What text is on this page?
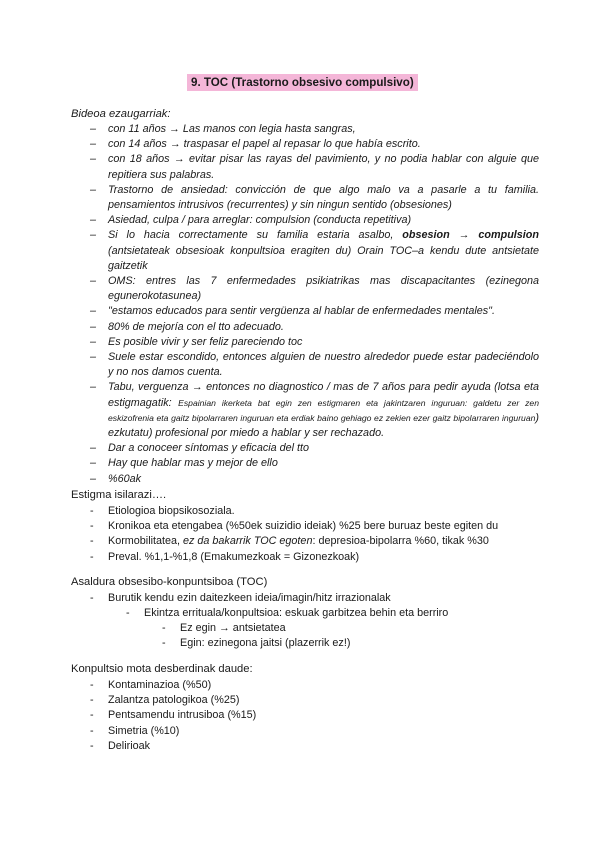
9. TOC (Trastorno obsesivo compulsivo)
Bideoa ezaugarriak:
– con 11 años → Las manos con legia hasta sangras,
– con 14 años → traspasar el papel al repasar lo que había escrito.
– con 18 años → evitar pisar las rayas del pavimiento, y no podia hablar con alguie que repitiera sus palabras.
– Trastorno de ansiedad: convicción de que algo malo va a pasarle a tu familia. pensamientos intrusivos (recurrentes) y sin ningun sentido (obsesiones)
– Asiedad, culpa / para arreglar: compulsion (conducta repetitiva)
– Si lo hacia correctamente su familia estaria asalbo, obsesion → compulsion (antsietateak obsesioak konpultsioa eragiten du) Orain TOC–a kendu dute antsietate gaitzetik
– OMS: entres las 7 enfermedades psikiatrikas mas discapacitantes (ezinegona egunerokotasunea)
– "estamos educados para sentir vergüenza al hablar de enfermedades mentales".
– 80% de mejoría con el tto adecuado.
– Es posible vivir y ser feliz pareciendo toc
– Suele estar escondido, entonces alguien de nuestro alrededor puede estar padeciéndolo y no nos damos cuenta.
– Tabu, verguenza → entonces no diagnostico / mas de 7 años para pedir ayuda (lotsa eta estigmagatik: Espainian ikerketa bat egin zen estigmaren eta jakintzaren inguruan: galdetu zer zen eskizofrenia eta gaitz bipolarraren inguruan eta erdiak baino gehiago ez zekien ezer gaitz bipolarraren inguruan) ezkutatu) profesional por miedo a hablar y ser rechazado.
– Dar a conoceer síntomas y eficacia del tto
– Hay que hablar mas y mejor de ello
– %60ak
Estigma isilarazi….
- Etiologioa biopsikosoziala.
- Kronikoa eta etengabea (%50ek suizidio ideiak) %25 bere buruaz beste egiten du
- Kormobilitatea, ez da bakarrik TOC egoten: depresioa-bipolarra %60, tikak %30
- Preval. %1,1-%1,8 (Emakumezkoak = Gizonezkoak)
Asaldura obsesibo-konpuntsiboa (TOC)
- Burutik kendu ezin daitezkeen ideia/imagin/hitz irrazionalak
- Ekintza errituala/konpultsioa: eskuak garbitzea behin eta berriro
- Ez egin → antsietatea
- Egin: ezinegona jaitsi (plazerrik ez!)
Konpultsio mota desberdinak daude:
- Kontaminazioa (%50)
- Zalantza patologikoa (%25)
- Pentsamendu intrusiboa (%15)
- Simetria (%10)
- Delirioak
